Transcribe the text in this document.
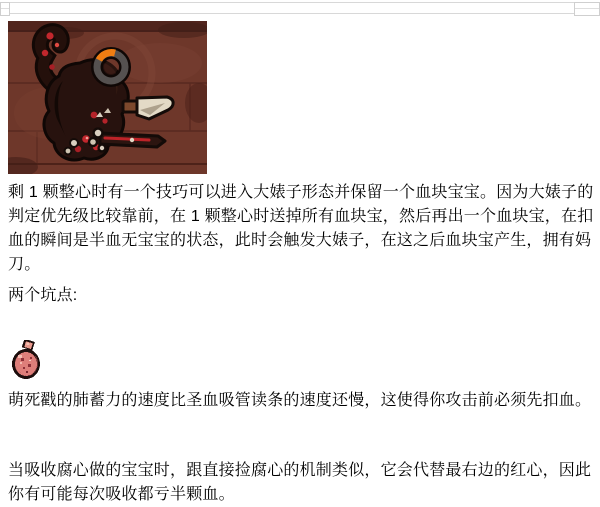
剩 1 颗整心时有一个技巧可以进入大婊子形态并保留一个血块宝宝。因为大婊子的判定优先级比较靠前，在 1 颗整心时送掉所有血块宝，然后再出一个血块宝，在扣血的瞬间是半血无宝宝的状态，此时会触发大婊子，在这之后血块宝产生，拥有妈刀。

两个坑点:

萌死戳的肺蓄力的速度比圣血吸管读条的速度还慢，这使得你攻击前必须先扣血。

当吸收腐心做的宝宝时，跟直接捡腐心的机制类似，它会代替最右边的红心，因此你有可能每次吸收都亏半颗血。
